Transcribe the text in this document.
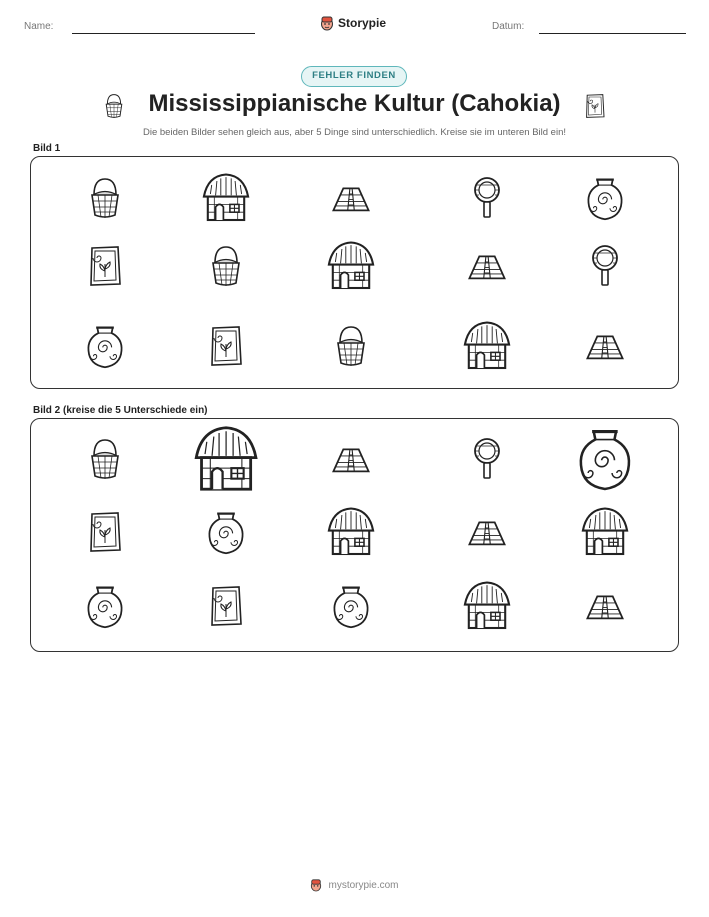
Name:	Storypie	Datum:
FEHLER FINDEN
Mississippianische Kultur (Cahokia)
Die beiden Bilder sehen gleich aus, aber 5 Dinge sind unterschiedlich. Kreise sie im unteren Bild ein!
Bild 1
Bild 2 (kreise die 5 Unterschiede ein)
mystorypie.com
